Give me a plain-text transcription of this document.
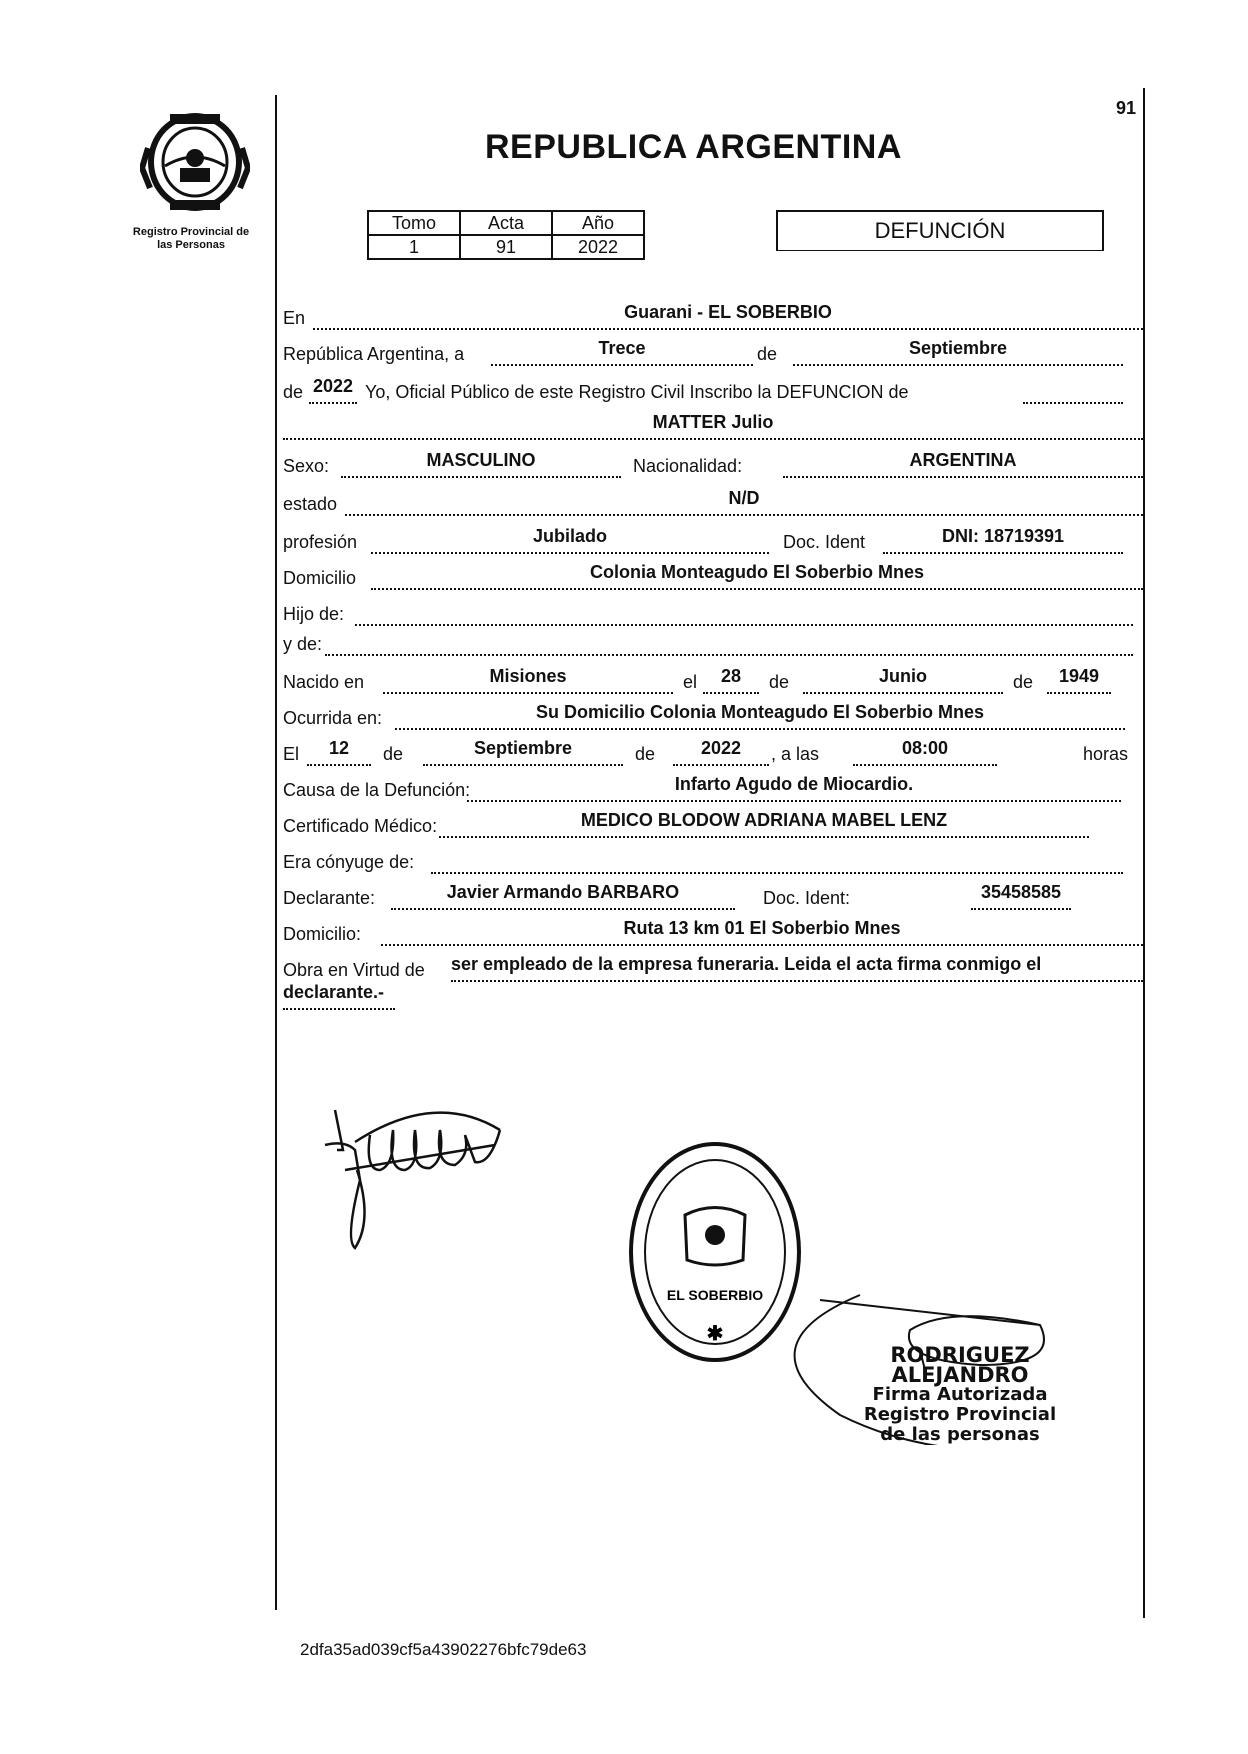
91
Registro Provincial de
las Personas
REPUBLICA ARGENTINA
Tomo	Acta	Año
1	91	2022
DEFUNCIÓN
En	Guarani - EL SOBERBIO
República Argentina, a	Trece	de	Septiembre
de 2022 Yo, Oficial Público de este Registro Civil Inscribo la DEFUNCION de
MATTER Julio
Sexo:	MASCULINO	Nacionalidad:	ARGENTINA
estado	N/D
profesión	Jubilado	Doc. Ident	DNI: 18719391
Domicilio	Colonia Monteagudo El Soberbio Mnes
Hijo de:
y de:
Nacido en	Misiones	el	28	de	Junio	de	1949
Ocurrida en:	Su Domicilio Colonia Monteagudo El Soberbio Mnes
El	12	de	Septiembre	de	2022	, a las	08:00	horas
Causa de la Defunción:	Infarto Agudo de Miocardio.
Certificado Médico:	MEDICO BLODOW ADRIANA MABEL LENZ
Era cónyuge de:
Declarante:	Javier Armando BARBARO	Doc. Ident:	35458585
Domicilio:	Ruta 13 km 01 El Soberbio Mnes
Obra en Virtud de ser empleado de la empresa funeraria. Leida el acta firma conmigo el
declarante.-
EL SOBERBIO
✱
RODRIGUEZ ALEJANDRO
Firma Autorizada
Registro Provincial
de las personas
2dfa35ad039cf5a43902276bfc79de63
